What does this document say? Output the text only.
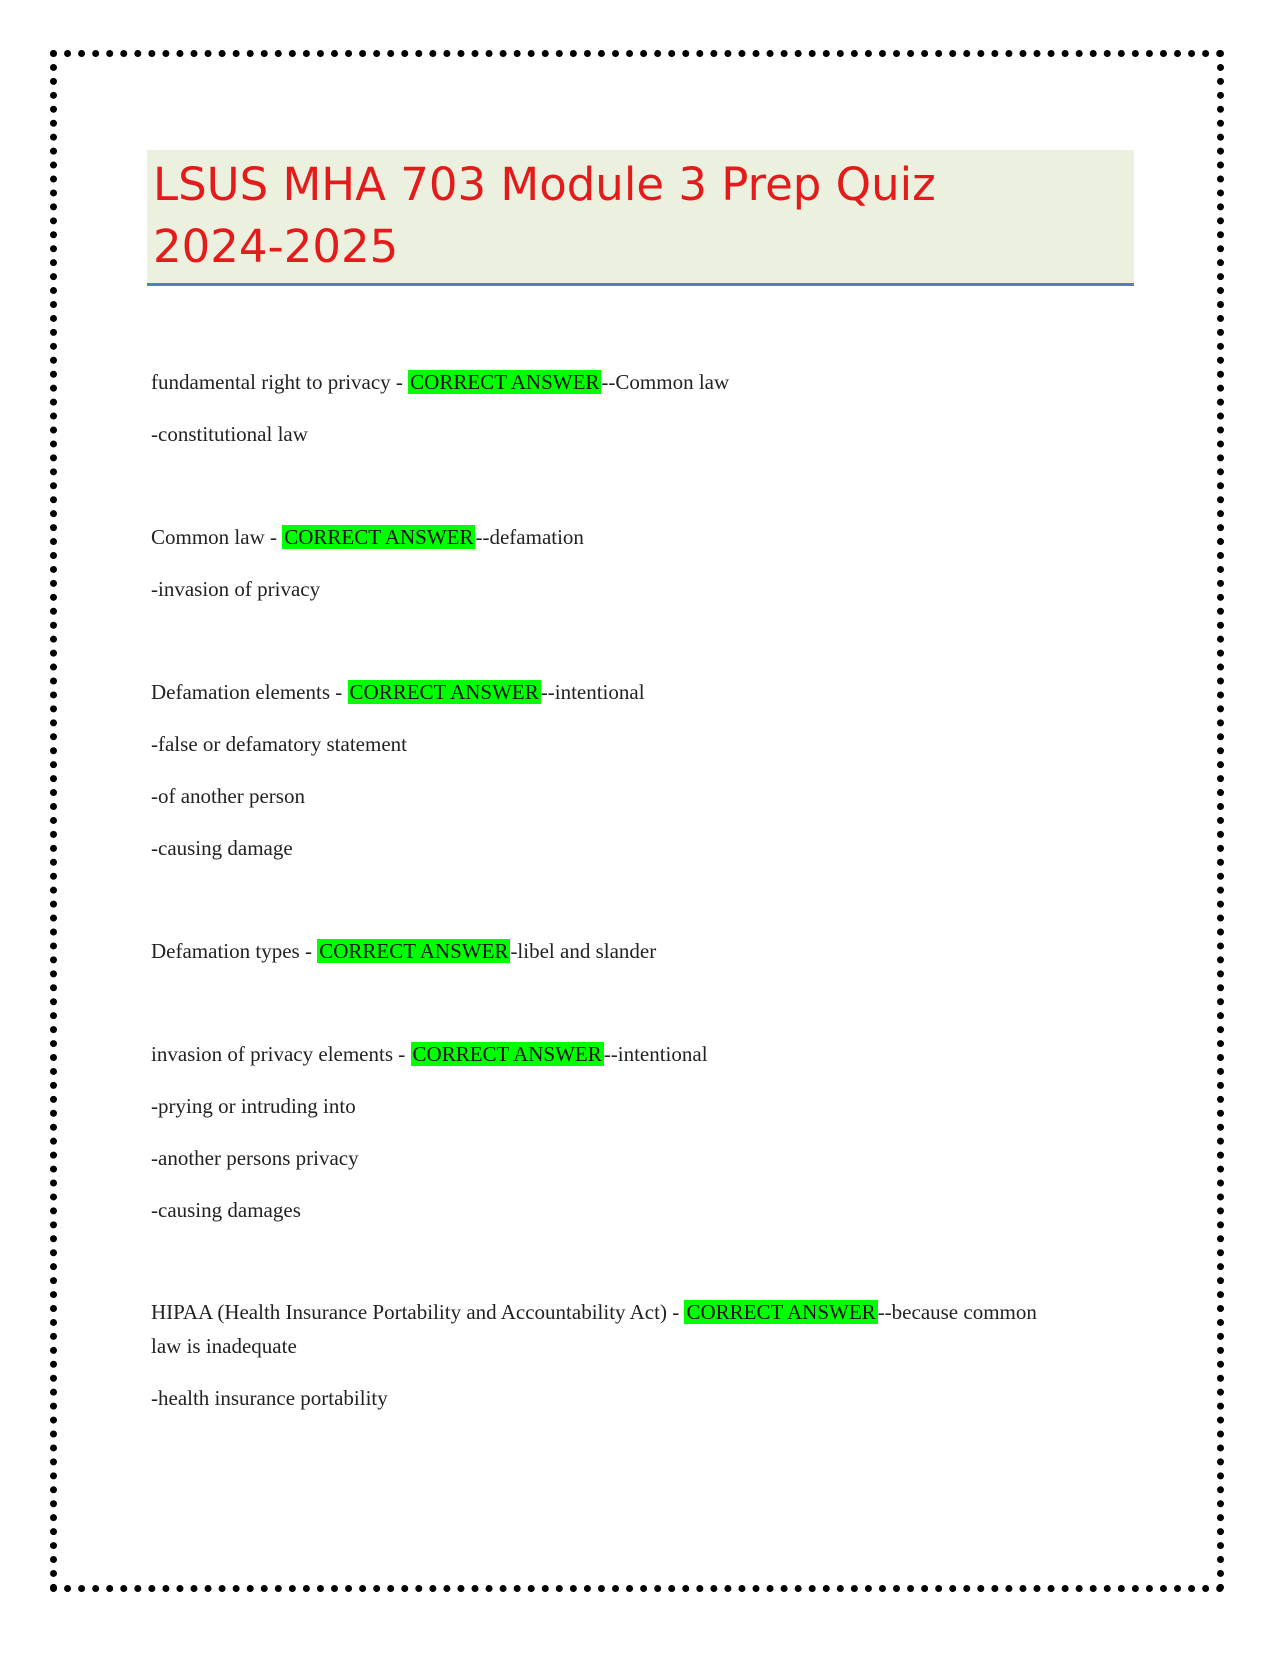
LSUS MHA 703 Module 3 Prep Quiz
2024-2025

fundamental right to privacy - CORRECT ANSWER--Common law
-constitutional law
Common law - CORRECT ANSWER--defamation
-invasion of privacy
Defamation elements - CORRECT ANSWER--intentional
-false or defamatory statement
-of another person
-causing damage
Defamation types - CORRECT ANSWER-libel and slander
invasion of privacy elements - CORRECT ANSWER--intentional
-prying or intruding into
-another persons privacy
-causing damages
HIPAA (Health Insurance Portability and Accountability Act) - CORRECT ANSWER--because common
law is inadequate
-health insurance portability
